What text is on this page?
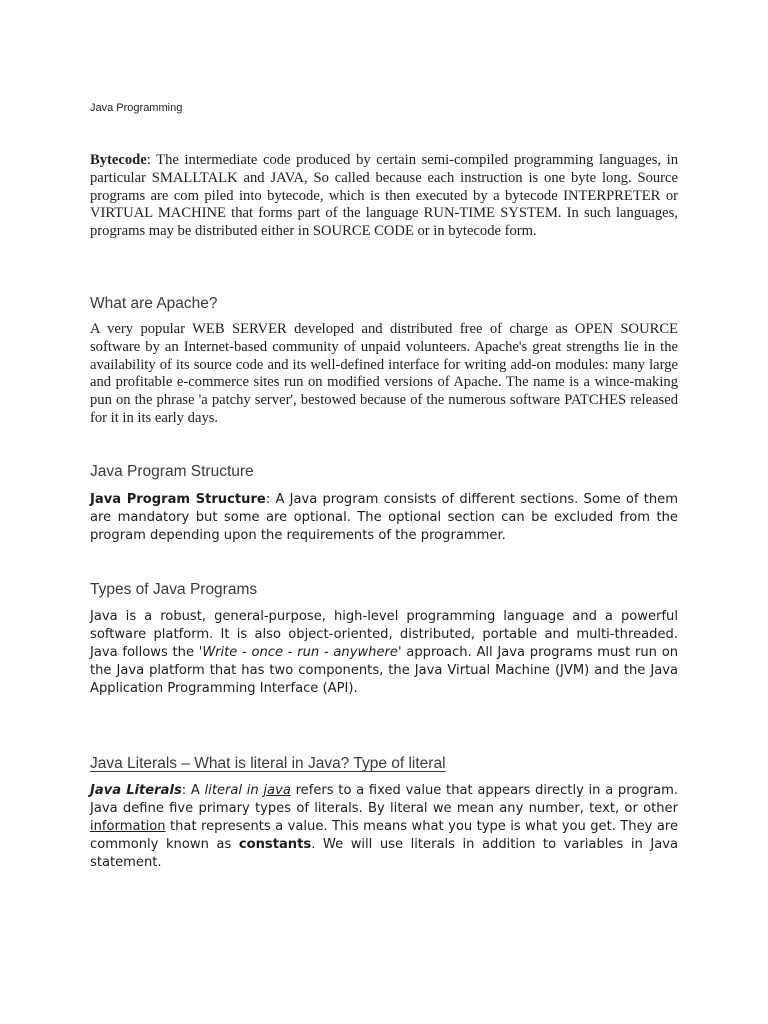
Java Programming

Bytecode: The intermediate code produced by certain semi-compiled programming languages, in particular SMALLTALK and JAVA, So called because each instruction is one byte long. Source programs are com piled into bytecode, which is then executed by a bytecode INTERPRETER or VIRTUAL MACHINE that forms part of the language RUN-TIME SYSTEM. In such languages, programs may be distributed either in SOURCE CODE or in bytecode form.

What are Apache?

A very popular WEB SERVER developed and distributed free of charge as OPEN SOURCE software by an Internet-based community of unpaid volunteers. Apache's great strengths lie in the availability of its source code and its well-defined interface for writing add-on modules: many large and profitable e-commerce sites run on modified versions of Apache. The name is a wince-making pun on the phrase 'a patchy server', bestowed because of the numerous software PATCHES released for it in its early days.

Java Program Structure

Java Program Structure: A Java program consists of different sections. Some of them are mandatory but some are optional. The optional section can be excluded from the program depending upon the requirements of the programmer.

Types of Java Programs

Java is a robust, general-purpose, high-level programming language and a powerful software platform. It is also object-oriented, distributed, portable and multi-threaded. Java follows the 'Write - once - run - anywhere' approach. All Java programs must run on the Java platform that has two components, the Java Virtual Machine (JVM) and the Java Application Programming Interface (API).

Java Literals – What is literal in Java? Type of literal

Java Literals: A literal in java refers to a fixed value that appears directly in a program. Java define five primary types of literals. By literal we mean any number, text, or other information that represents a value. This means what you type is what you get. They are commonly known as constants. We will use literals in addition to variables in Java statement.
